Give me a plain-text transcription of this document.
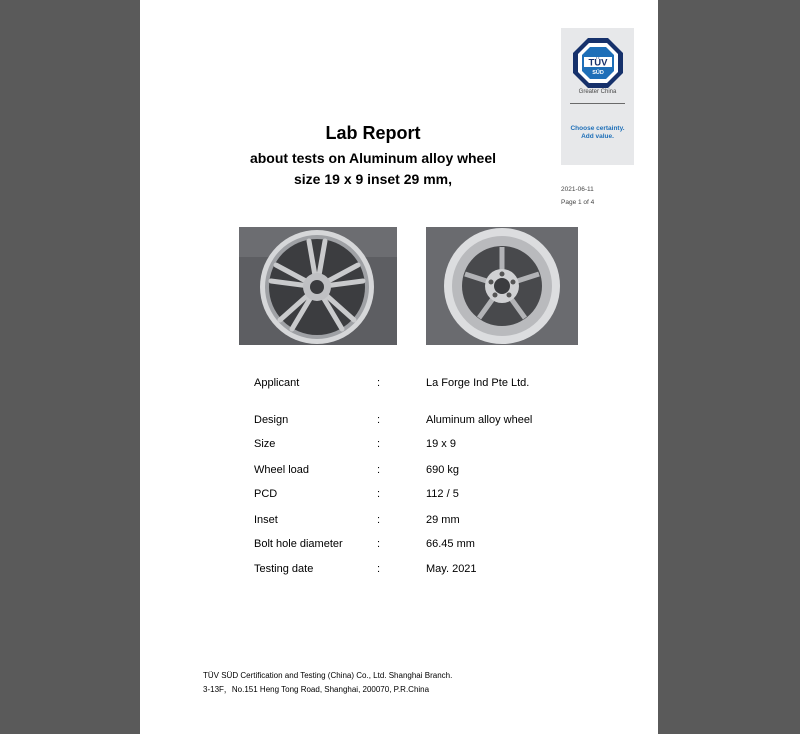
TÜV
SÜD
Greater China
Choose certainty.
Add value.
Lab Report
about tests on Aluminum alloy wheel
size 19 x 9 inset 29 mm,
2021-06-11
Page 1 of 4
Applicant	:	La Forge Ind Pte Ltd.
Design	:	Aluminum alloy wheel
Size	:	19 x 9
Wheel load	:	690 kg
PCD	:	112 / 5
Inset	:	29 mm
Bolt hole diameter	:	66.45 mm
Testing date	:	May. 2021
TÜV SÜD Certification and Testing (China) Co., Ltd. Shanghai Branch.
3-13F，No.151 Heng Tong Road, Shanghai, 200070, P.R.China
